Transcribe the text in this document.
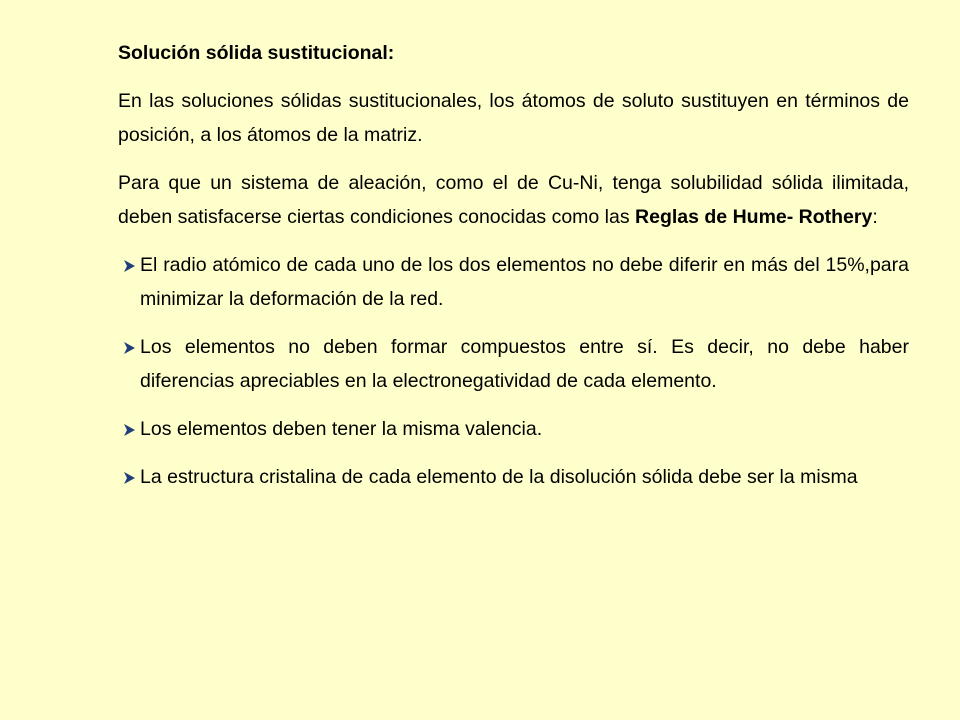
Solución sólida sustitucional:

En las soluciones sólidas sustitucionales, los átomos de soluto sustituyen en términos de posición, a los átomos de la matriz.

Para que un sistema de aleación, como el de Cu-Ni, tenga solubilidad sólida ilimitada, deben satisfacerse ciertas condiciones conocidas como las Reglas de Hume- Rothery:

El radio atómico de cada uno de los dos elementos no debe diferir en más del 15%,para minimizar la deformación de la red.
Los elementos no deben formar compuestos entre sí. Es decir, no debe haber diferencias apreciables en la electronegatividad de cada elemento.
Los elementos deben tener la misma valencia.
La estructura cristalina de cada elemento de la disolución sólida debe ser la misma
